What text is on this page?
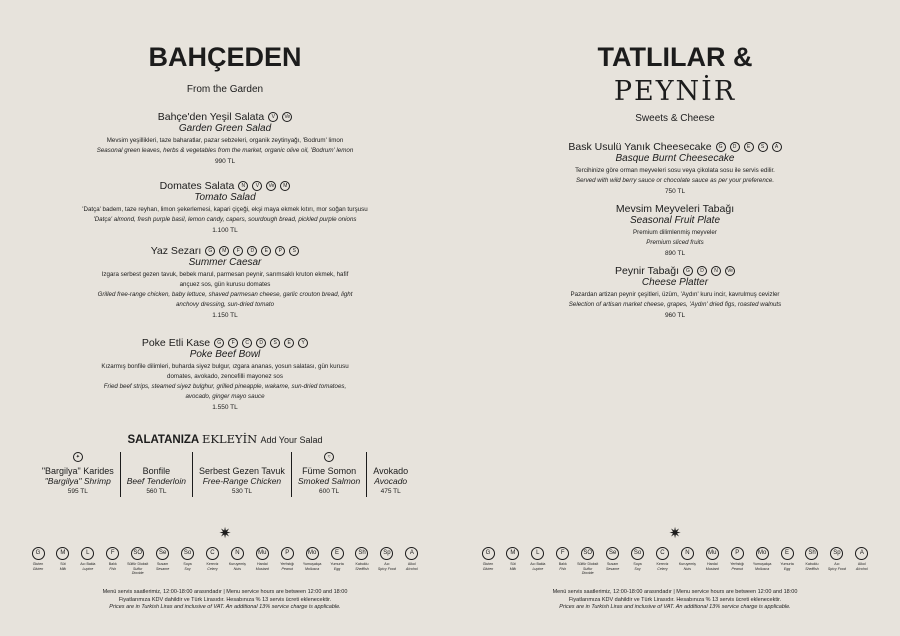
BAHÇEDEN
From the Garden
Bahçe'den Yeşil Salata	V	Ve
Garden Green Salad
Mevsim yeşillikleri, taze baharatlar, pazar sebzeleri, organik zeytinyağı, 'Bodrum' limon
Seasonal green leaves, herbs & vegetables from the market, organic olive oil, 'Bodrum' lemon
990 TL
Domates Salata	N	V	Ve	M
Tomato Salad
'Datça' badem, taze reyhan, limon şekerlemesi, kapari çiçeği, ekşi maya ekmek kıtırı, mor soğan turşusu
'Datça' almond, fresh purple basil, lemon candy, capers, sourdough bread, pickled purple onions
1.100 TL
Yaz Sezarı	G	M	F	D	E	P	S
Summer Caesar
Izgara serbest gezen tavuk, bebek marul, parmesan peynir, sarımsaklı kruton ekmek, hafif ançuez sos, gün kurusu domates
Grilled free-range chicken, baby lettuce, shaved parmesan cheese, garlic crouton bread, light anchovy dressing, sun-dried tomato
1.150 TL
Poke Etli Kase	G	F	C	D	S	E	Y
Poke Beef Bowl
Kızarmış bonfile dilimleri, buharda siyez bulgur, ızgara ananas, yosun salatası, gün kurusu domates, avokado, zencefilli mayonez sos
Fried beef strips, steamed siyez bulghur, grilled pineapple, wakame, sun-dried tomatoes, avocado, ginger mayo sauce
1.550 TL
SALATANIZA EKLEYİN Add Your Salad
✦
"Bargilya" Karides
"Bargilya" Shrimp
595 TL
Bonfile
Beef Tenderloin
560 TL
Serbest Gezen Tavuk
Free-Range Chicken
530 TL
≈
Füme Somon
Smoked Salmon
600 TL
Avokado
Avocado
475 TL
✷
G
Gluten
Gluten
M
Süt
Milk
L
Acı Bakla
Lupine
F
Balık
Fish
SO
Sülfür Dioksit
Sulfur Dioxide
Se
Susam
Sesame
So
Soya
Soy
C
Kereviz
Celery
N
Kuruyemiş
Nuts
Mu
Hardal
Mustard
P
Yerfıstığı
Peanut
Mo
Yumuşakça
Mollusca
E
Yumurta
Egg
Sh
Kabuklu
Shellfish
Sp
Acı
Spicy Food
A
Alkol
Alcohol
Menü servis saatlerimiz, 12:00-18:00 arasındadır | Menu service hours are between 12:00 and 18:00
Fiyatlarımıza KDV dahildir ve Türk Lirasıdır. Hesabınıza % 13 servis ücreti eklenecektir.
Prices are in Turkish Liras and inclusive of VAT. An additional 13% service charge is applicable.
TATLILAR &
PEYNİR
Sweets & Cheese
Bask Usulü Yanık Cheesecake	G	D	E	S	A
Basque Burnt Cheesecake
Tercihinize göre orman meyveleri sosu veya çikolata sosu ile servis edilir.
Served with wild berry sauce or chocolate sauce as per your preference.
750 TL
Mevsim Meyveleri Tabağı
Seasonal Fruit Plate
Premium dilimlenmiş meyveler
Premium sliced fruits
890 TL
Peynir Tabağı	G	D	N	Ve
Cheese Platter
Pazardan artizan peynir çeşitleri, üzüm, 'Aydın' kuru incir, kavrulmuş cevizler
Selection of artisan market cheese, grapes, 'Aydın' dried figs, roasted walnuts
960 TL
✷
G
Gluten
Gluten
M
Süt
Milk
L
Acı Bakla
Lupine
F
Balık
Fish
SO
Sülfür Dioksit
Sulfur Dioxide
Se
Susam
Sesame
So
Soya
Soy
C
Kereviz
Celery
N
Kuruyemiş
Nuts
Mu
Hardal
Mustard
P
Yerfıstığı
Peanut
Mo
Yumuşakça
Mollusca
E
Yumurta
Egg
Sh
Kabuklu
Shellfish
Sp
Acı
Spicy Food
A
Alkol
Alcohol
Menü servis saatlerimiz, 12:00-18:00 arasındadır | Menu service hours are between 12:00 and 18:00
Fiyatlarımıza KDV dahildir ve Türk Lirasıdır. Hesabınıza % 13 servis ücreti eklenecektir.
Prices are in Turkish Liras and inclusive of VAT. An additional 13% service charge is applicable.
